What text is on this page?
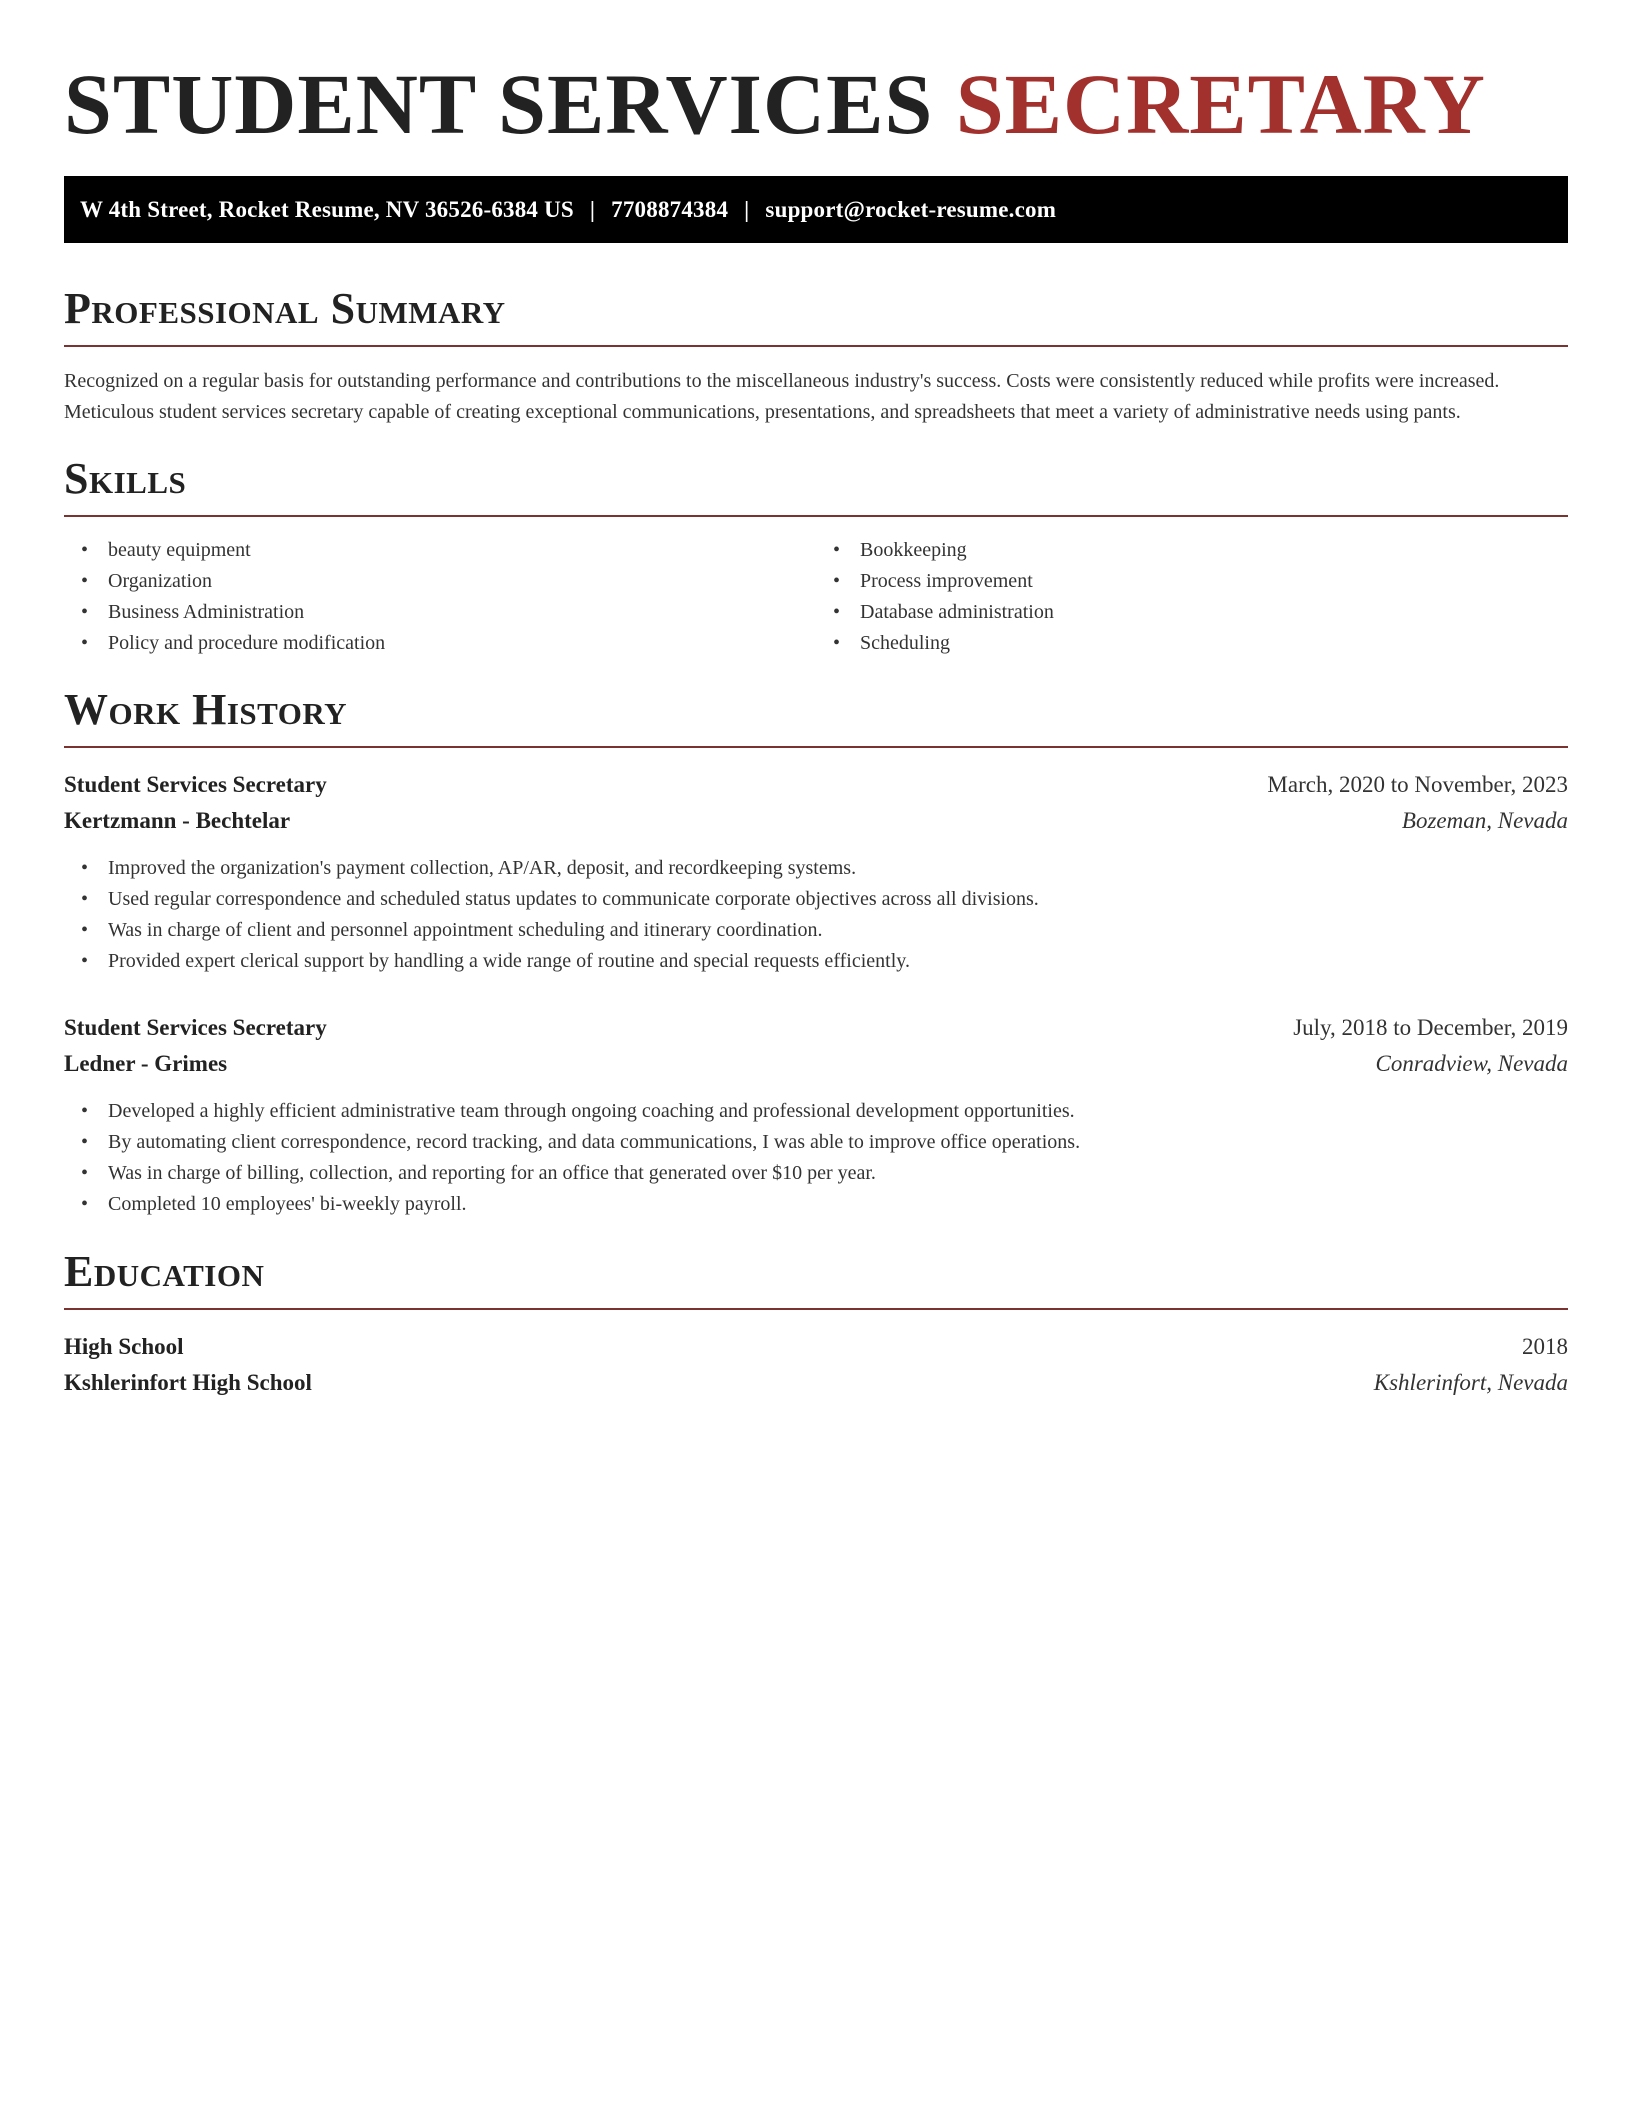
STUDENT SERVICES SECRETARY
W 4th Street, Rocket Resume, NV 36526-6384 US | 7708874384 | support@rocket-resume.com
Professional Summary

Recognized on a regular basis for outstanding performance and contributions to the miscellaneous industry's success. Costs were consistently reduced while profits were increased. Meticulous student services secretary capable of creating exceptional communications, presentations, and spreadsheets that meet a variety of administrative needs using pants.

Skills
• beauty equipment
• Organization
• Business Administration
• Policy and procedure modification
• Bookkeeping
• Process improvement
• Database administration
• Scheduling
Work History
Student Services Secretary	March, 2020 to November, 2023
Kertzmann - Bechtelar	Bozeman, Nevada
• Improved the organization's payment collection, AP/AR, deposit, and recordkeeping systems.
• Used regular correspondence and scheduled status updates to communicate corporate objectives across all divisions.
• Was in charge of client and personnel appointment scheduling and itinerary coordination.
• Provided expert clerical support by handling a wide range of routine and special requests efficiently.
Student Services Secretary	July, 2018 to December, 2019
Ledner - Grimes	Conradview, Nevada
• Developed a highly efficient administrative team through ongoing coaching and professional development opportunities.
• By automating client correspondence, record tracking, and data communications, I was able to improve office operations.
• Was in charge of billing, collection, and reporting for an office that generated over $10 per year.
• Completed 10 employees' bi-weekly payroll.
Education
High School	2018
Kshlerinfort High School	Kshlerinfort, Nevada
